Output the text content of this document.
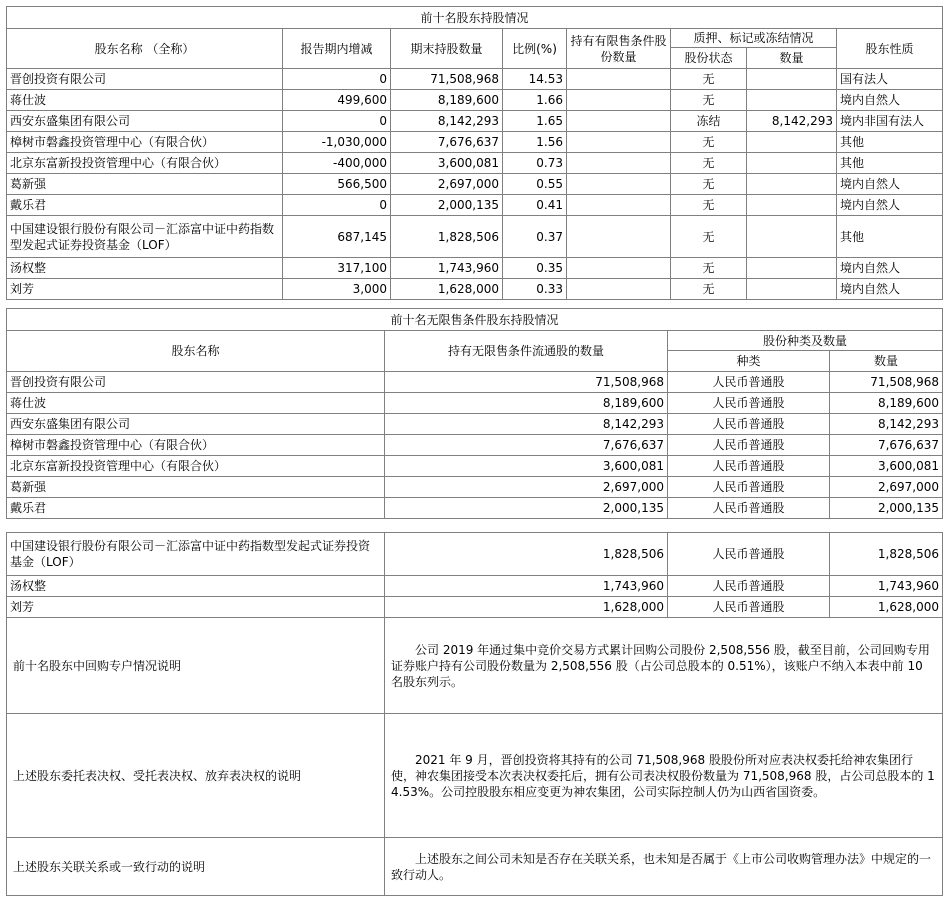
前十名股东持股情况							
股东名称 （全称）	报告期内增减	期末持股数量	比例(%)	持有有限售条件股份数量	质押、标记或冻结情况		股东性质
					股份状态	数量	
晋创投资有限公司	0	71,508,968	14.53		无		国有法人
蒋仕波	499,600	8,189,600	1.66		无		境内自然人
西安东盛集团有限公司	0	8,142,293	1.65		冻结	8,142,293	境内非国有法人
樟树市磐鑫投资管理中心（有限合伙）	-1,030,000	7,676,637	1.56		无		其他
北京东富新投投资管理中心（有限合伙）	-400,000	3,600,081	0.73		无		其他
葛新强	566,500	2,697,000	0.55		无		境内自然人
戴乐君	0	2,000,135	0.41		无		境内自然人
中国建设银行股份有限公司－汇添富中证中药指数型发起式证券投资基金（LOF）	687,145	1,828,506	0.37		无		其他
汤权整	317,100	1,743,960	0.35		无		境内自然人
刘芳	3,000	1,628,000	0.33		无		境内自然人
前十名无限售条件股东持股情况			
股东名称	持有无限售条件流通股的数量	股份种类及数量	
		种类	数量
晋创投资有限公司	71,508,968	人民币普通股	71,508,968
蒋仕波	8,189,600	人民币普通股	8,189,600
西安东盛集团有限公司	8,142,293	人民币普通股	8,142,293
樟树市磐鑫投资管理中心（有限合伙）	7,676,637	人民币普通股	7,676,637
北京东富新投投资管理中心（有限合伙）	3,600,081	人民币普通股	3,600,081
葛新强	2,697,000	人民币普通股	2,697,000
戴乐君	2,000,135	人民币普通股	2,000,135
中国建设银行股份有限公司－汇添富中证中药指数型发起式证券投资基金（LOF）	1,828,506	人民币普通股	1,828,506
汤权整	1,743,960	人民币普通股	1,743,960
刘芳	1,628,000	人民币普通股	1,628,000
前十名股东中回购专户情况说明	公司 2019 年通过集中竞价交易方式累计回购公司股份 2,508,556 股，截至目前，公司回购专用证券账户持有公司股份数量为 2,508,556 股（占公司总股本的 0.51%），该账户不纳入本表中前 10 名股东列示。		
上述股东委托表决权、受托表决权、放弃表决权的说明	2021 年 9 月，晋创投资将其持有的公司 71,508,968 股股份所对应表决权委托给神农集团行使，神农集团接受本次表决权委托后，拥有公司表决权股份数量为 71,508,968 股，占公司总股本的 14.53%。公司控股股东相应变更为神农集团，公司实际控制人仍为山西省国资委。		
上述股东关联关系或一致行动的说明	上述股东之间公司未知是否存在关联关系，也未知是否属于《上市公司收购管理办法》中规定的一致行动人。		
